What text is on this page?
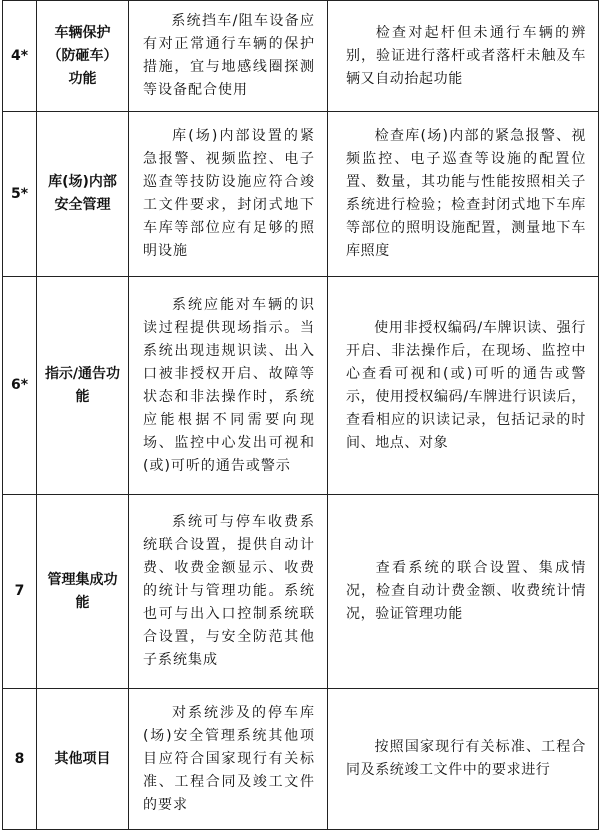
4*	车辆保护（防砸车）功能	系统挡车/阻车设备应有对正常通行车辆的保护措施，宜与地感线圈探测等设备配合使用	检查对起杆但未通行车辆的辨别，验证进行落杆或者落杆未触及车辆又自动抬起功能
5*	库(场)内部安全管理	库(场)内部设置的紧急报警、视频监控、电子巡查等技防设施应符合竣工文件要求，封闭式地下车库等部位应有足够的照明设施	检查库(场)内部的紧急报警、视频监控、电子巡查等设施的配置位置、数量，其功能与性能按照相关子系统进行检验；检查封闭式地下车库等部位的照明设施配置，测量地下车库照度
6*	指示/通告功能	系统应能对车辆的识读过程提供现场指示。当系统出现违规识读、出入口被非授权开启、故障等状态和非法操作时，系统应能根据不同需要向现场、监控中心发出可视和(或)可听的通告或警示	使用非授权编码/车牌识读、强行开启、非法操作后，在现场、监控中心查看可视和(或)可听的通告或警示，使用授权编码/车牌进行识读后，查看相应的识读记录，包括记录的时间、地点、对象
7	管理集成功能	系统可与停车收费系统联合设置，提供自动计费、收费金额显示、收费的统计与管理功能。系统也可与出入口控制系统联合设置，与安全防范其他子系统集成	查看系统的联合设置、集成情况，检查自动计费金额、收费统计情况，验证管理功能
8	其他项目	对系统涉及的停车库(场)安全管理系统其他项目应符合国家现行有关标准、工程合同及竣工文件的要求	按照国家现行有关标准、工程合同及系统竣工文件中的要求进行
